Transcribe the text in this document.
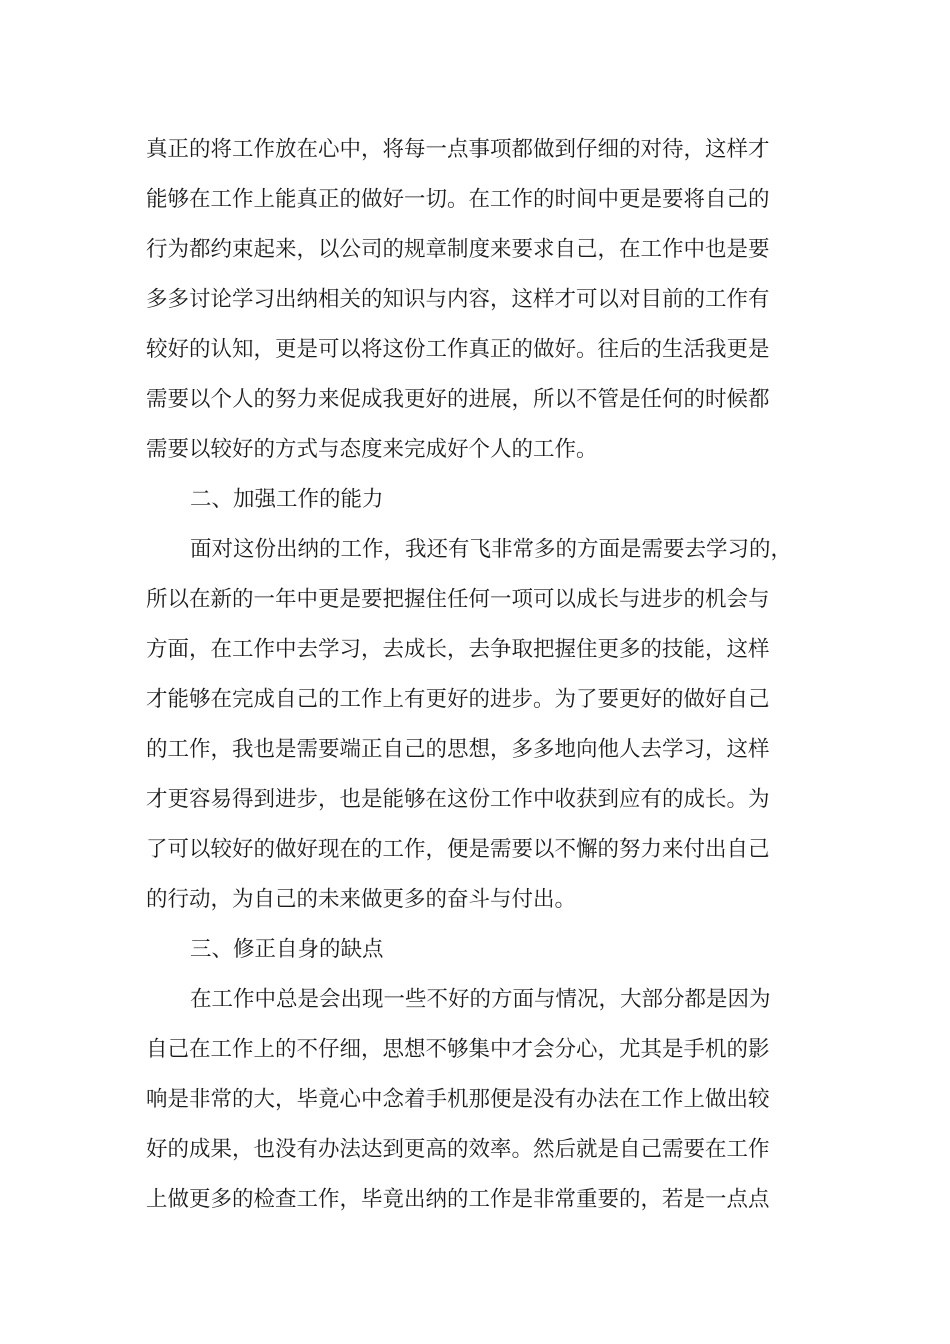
真正的将工作放在心中，将每一点事项都做到仔细的对待，这样才
能够在工作上能真正的做好一切。在工作的时间中更是要将自己的
行为都约束起来，以公司的规章制度来要求自己，在工作中也是要
多多讨论学习出纳相关的知识与内容，这样才可以对目前的工作有
较好的认知，更是可以将这份工作真正的做好。往后的生活我更是
需要以个人的努力来促成我更好的进展，所以不管是任何的时候都
需要以较好的方式与态度来完成好个人的工作。
二、加强工作的能力
面对这份出纳的工作，我还有飞非常多的方面是需要去学习的，
所以在新的一年中更是要把握住任何一项可以成长与进步的机会与
方面，在工作中去学习，去成长，去争取把握住更多的技能，这样
才能够在完成自己的工作上有更好的进步。为了要更好的做好自己
的工作，我也是需要端正自己的思想，多多地向他人去学习，这样
才更容易得到进步，也是能够在这份工作中收获到应有的成长。为
了可以较好的做好现在的工作，便是需要以不懈的努力来付出自己
的行动，为自己的未来做更多的奋斗与付出。
三、修正自身的缺点
在工作中总是会出现一些不好的方面与情况，大部分都是因为
自己在工作上的不仔细，思想不够集中才会分心，尤其是手机的影
响是非常的大，毕竟心中念着手机那便是没有办法在工作上做出较
好的成果，也没有办法达到更高的效率。然后就是自己需要在工作
上做更多的检查工作，毕竟出纳的工作是非常重要的，若是一点点
